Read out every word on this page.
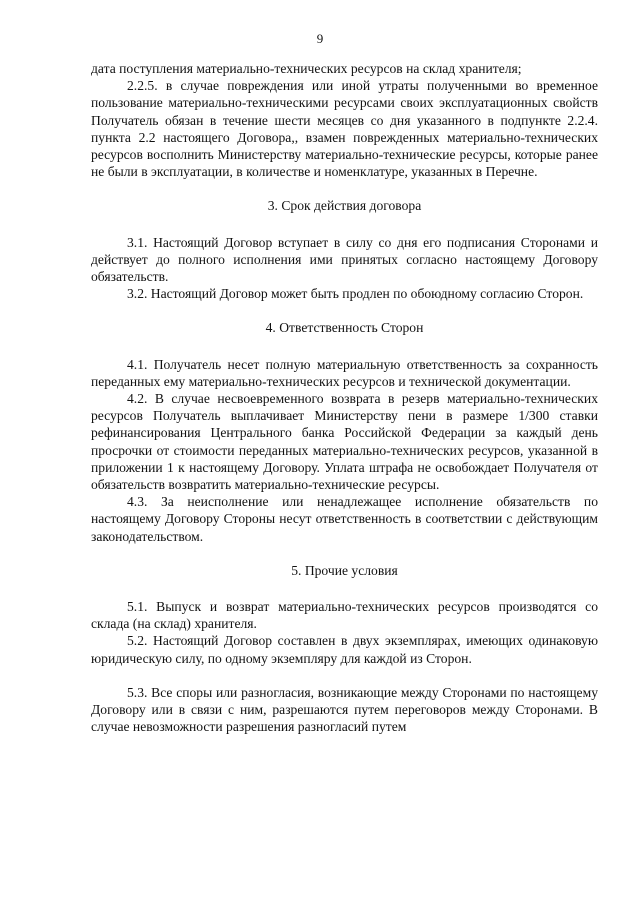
9

дата поступления материально-технических ресурсов на склад хранителя;

2.2.5. в случае повреждения или иной утраты полученными во временное пользование материально-техническими ресурсами своих эксплуатационных свойств Получатель обязан в течение шести месяцев со дня указанного в подпункте 2.2.4. пункта 2.2 настоящего Договора,, взамен поврежденных материально-технических ресурсов восполнить Министерству материально-технические ресурсы, которые ранее не были в эксплуатации, в количестве и номенклатуре, указанных в Перечне.

3. Срок действия договора

3.1. Настоящий Договор вступает в силу со дня его подписания Сторонами и действует до полного исполнения ими принятых согласно настоящему Договору обязательств.

3.2. Настоящий Договор может быть продлен по обоюдному согласию Сторон.

4. Ответственность Сторон

4.1. Получатель несет полную материальную ответственность за сохранность переданных ему материально-технических ресурсов и технической документации.

4.2. В случае несвоевременного возврата в резерв материально-технических ресурсов Получатель выплачивает Министерству пени в размере 1/300 ставки рефинансирования Центрального банка Российской Федерации за каждый день просрочки от стоимости переданных материально-технических ресурсов, указанной в приложении 1 к настоящему Договору. Уплата штрафа не освобождает Получателя от обязательств возвратить материально-технические ресурсы.

4.3. За неисполнение или ненадлежащее исполнение обязательств по настоящему Договору Стороны несут ответственность в соответствии с действующим законодательством.

5. Прочие условия

5.1. Выпуск и возврат материально-технических ресурсов производятся со склада (на склад) хранителя.

5.2. Настоящий Договор составлен в двух экземплярах, имеющих одинаковую юридическую силу, по одному экземпляру для каждой из Сторон.

5.3. Все споры или разногласия, возникающие между Сторонами по настоящему Договору или в связи с ним, разрешаются путем переговоров между Сторонами. В случае невозможности разрешения разногласий путем
